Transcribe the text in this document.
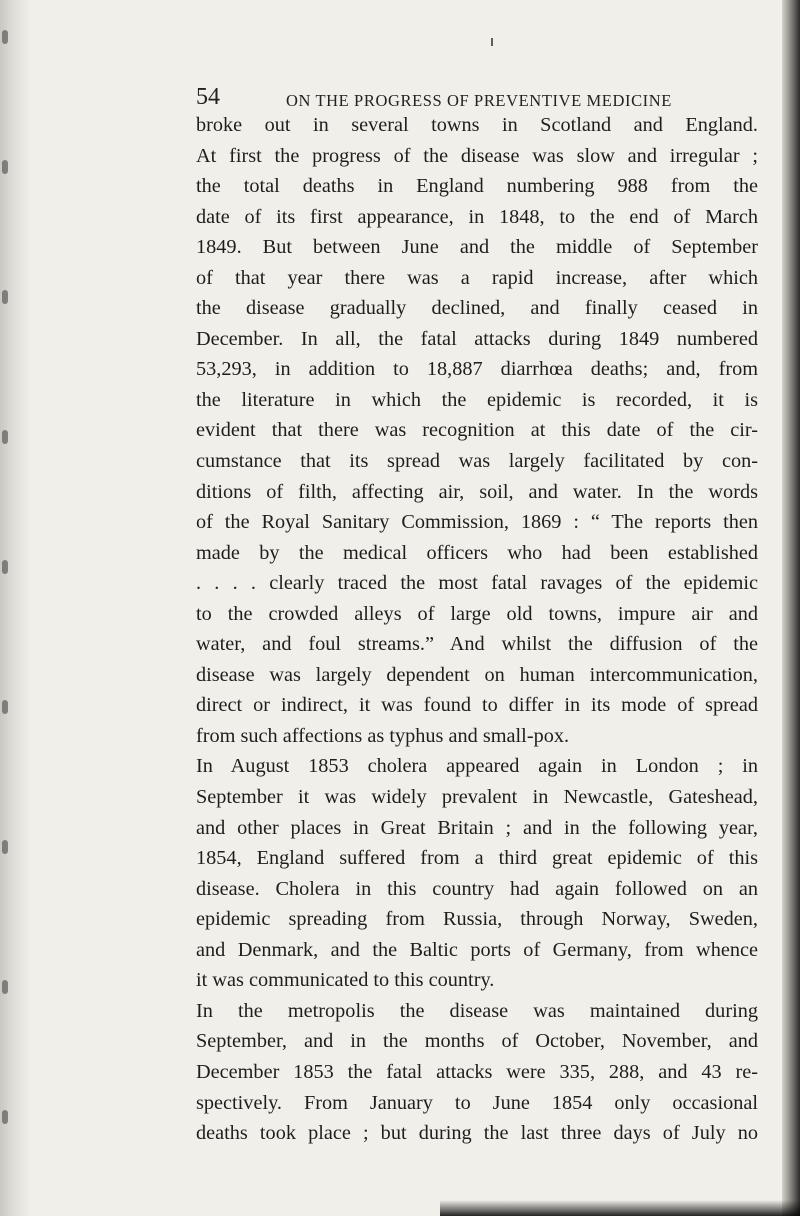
54	ON THE PROGRESS OF PREVENTIVE MEDICINE
broke out in several towns in Scotland and England.
At first the progress of the disease was slow and irregular ;
the total deaths in England numbering 988 from the
date of its first appearance, in 1848, to the end of March
1849. But between June and the middle of September
of that year there was a rapid increase, after which
the disease gradually declined, and finally ceased in
December. In all, the fatal attacks during 1849 numbered
53,293, in addition to 18,887 diarrhœa deaths; and, from
the literature in which the epidemic is recorded, it is
evident that there was recognition at this date of the cir-
cumstance that its spread was largely facilitated by con-
ditions of filth, affecting air, soil, and water. In the words
of the Royal Sanitary Commission, 1869 : “ The reports then
made by the medical officers who had been established
. . . . clearly traced the most fatal ravages of the epidemic
to the crowded alleys of large old towns, impure air and
water, and foul streams.” And whilst the diffusion of the
disease was largely dependent on human intercommunication,
direct or indirect, it was found to differ in its mode of spread
from such affections as typhus and small-pox.
In August 1853 cholera appeared again in London ; in
September it was widely prevalent in Newcastle, Gateshead,
and other places in Great Britain ; and in the following year,
1854, England suffered from a third great epidemic of this
disease. Cholera in this country had again followed on an
epidemic spreading from Russia, through Norway, Sweden,
and Denmark, and the Baltic ports of Germany, from whence
it was communicated to this country.
In the metropolis the disease was maintained during
September, and in the months of October, November, and
December 1853 the fatal attacks were 335, 288, and 43 re-
spectively. From January to June 1854 only occasional
deaths took place ; but during the last three days of July no
